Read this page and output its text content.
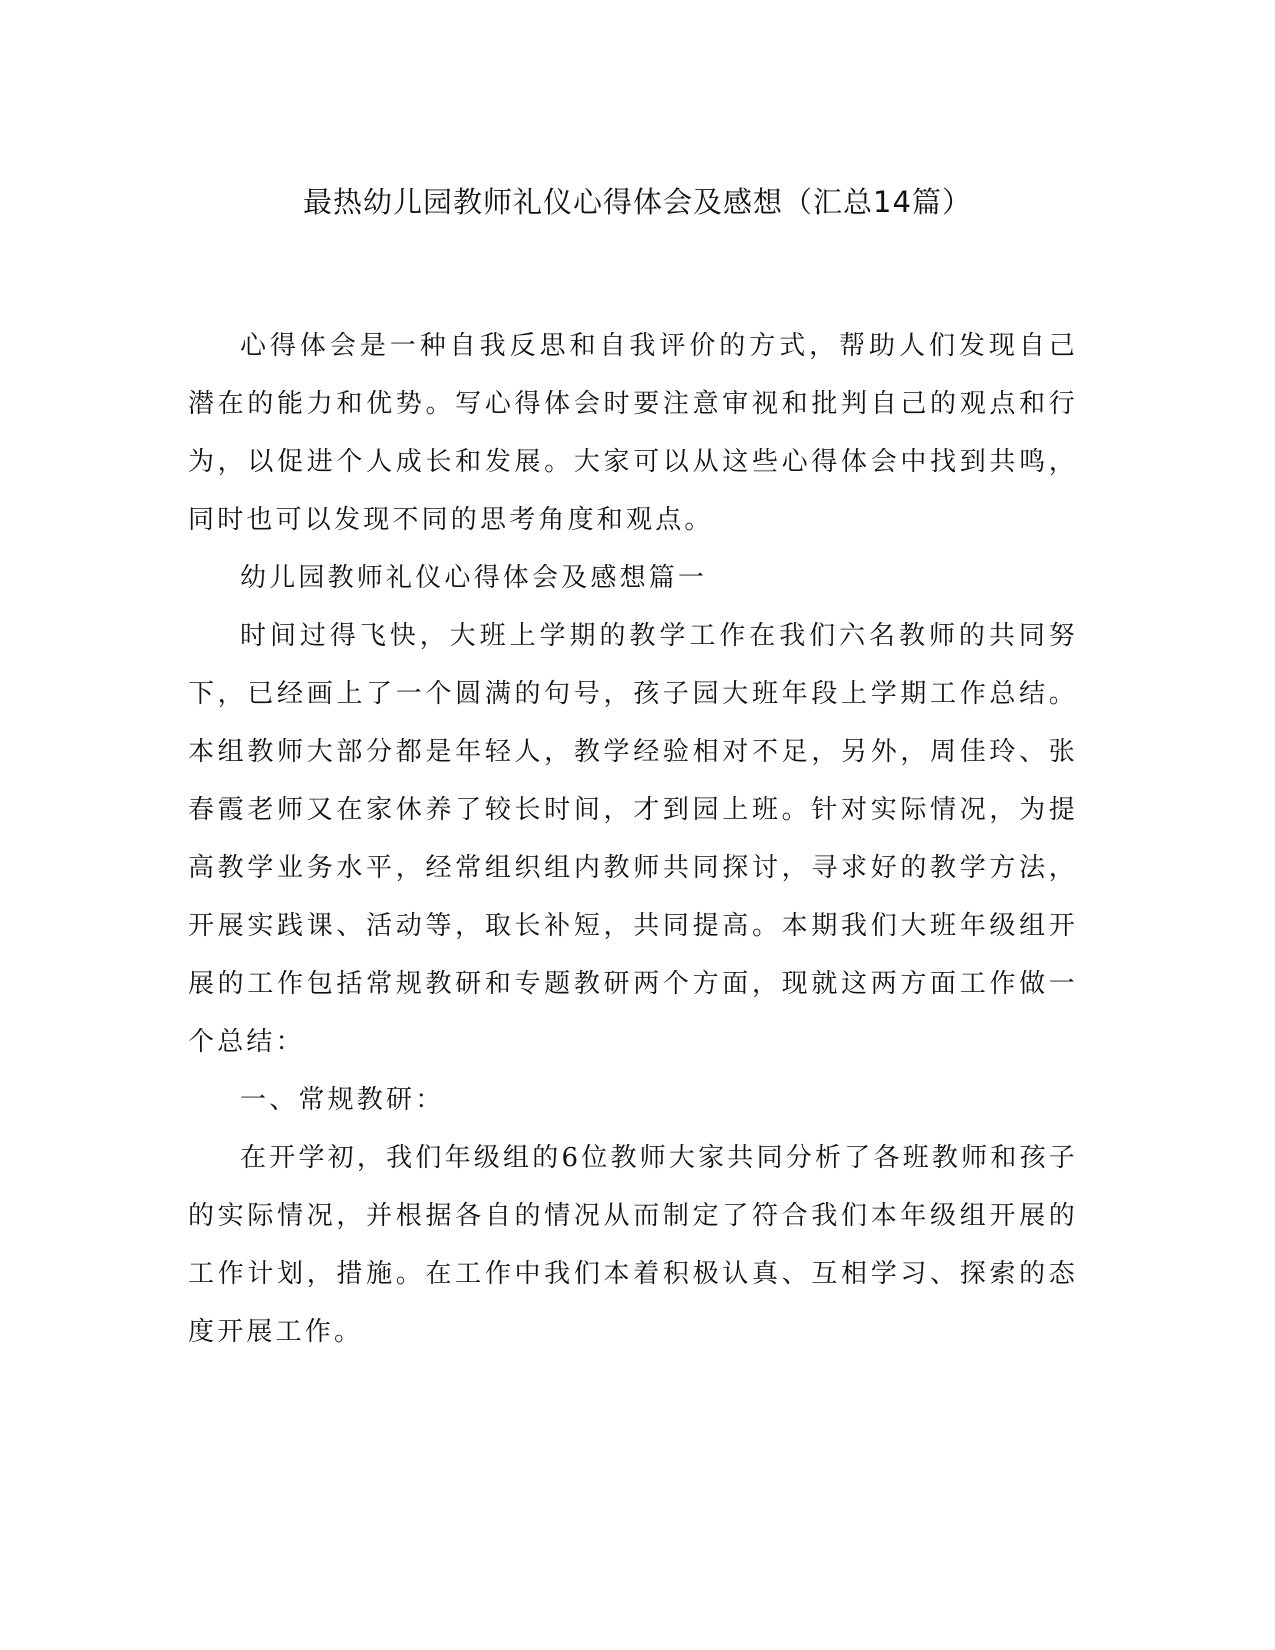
最热幼儿园教师礼仪心得体会及感想（汇总14篇）

心得体会是一种自我反思和自我评价的方式，帮助人们发现自己潜在的能力和优势。写心得体会时要注意审视和批判自己的观点和行为，以促进个人成长和发展。大家可以从这些心得体会中找到共鸣，同时也可以发现不同的思考角度和观点。

幼儿园教师礼仪心得体会及感想篇一

时间过得飞快，大班上学期的教学工作在我们六名教师的共同努下，已经画上了一个圆满的句号，孩子园大班年段上学期工作总结。本组教师大部分都是年轻人，教学经验相对不足，另外，周佳玲、张春霞老师又在家休养了较长时间，才到园上班。针对实际情况，为提高教学业务水平，经常组织组内教师共同探讨，寻求好的教学方法，开展实践课、活动等，取长补短，共同提高。本期我们大班年级组开展的工作包括常规教研和专题教研两个方面，现就这两方面工作做一个总结：

一、常规教研：

在开学初，我们年级组的6位教师大家共同分析了各班教师和孩子的实际情况，并根据各自的情况从而制定了符合我们本年级组开展的工作计划，措施。在工作中我们本着积极认真、互相学习、探索的态度开展工作。
